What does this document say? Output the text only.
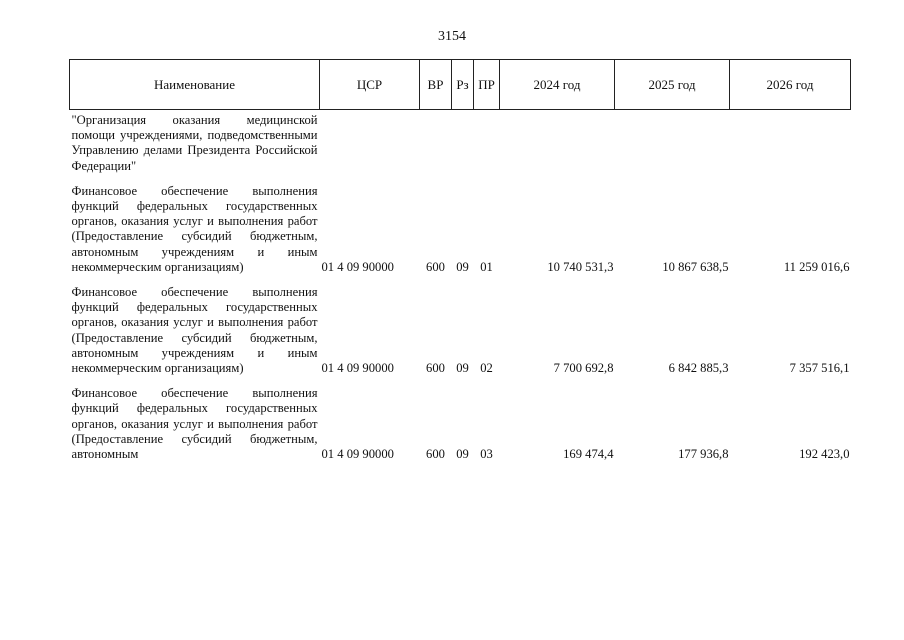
3154
Наименование	ЦСР	ВР	Рз	ПР	2024 год	2025 год	2026 год
"Организация оказания медицинской помощи учреждениями, подведомственными Управлению делами Президента Российской Федерации"							
Финансовое обеспечение выполнения функций федеральных государственных органов, оказания услуг и выполнения работ (Предоставление субсидий бюджетным, автономным учреждениям и иным некоммерческим организациям)	01 4 09 90000	600	09	01	10 740 531,3	10 867 638,5	11 259 016,6
Финансовое обеспечение выполнения функций федеральных государственных органов, оказания услуг и выполнения работ (Предоставление субсидий бюджетным, автономным учреждениям и иным некоммерческим организациям)	01 4 09 90000	600	09	02	7 700 692,8	6 842 885,3	7 357 516,1
Финансовое обеспечение выполнения функций федеральных государственных органов, оказания услуг и выполнения работ (Предоставление субсидий бюджетным, автономным	01 4 09 90000	600	09	03	169 474,4	177 936,8	192 423,0
